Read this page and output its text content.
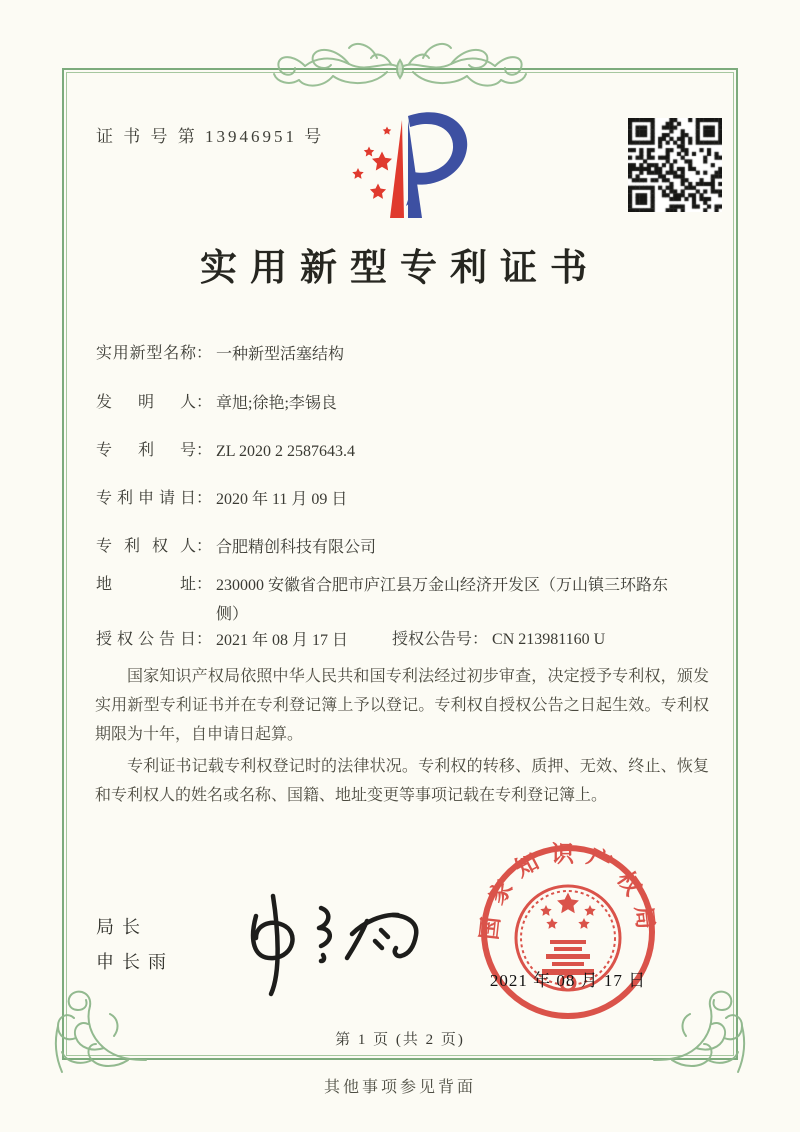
证 书 号 第 13946951 号
实用新型专利证书
实用新型名称 ： 一种新型活塞结构
发明人 ： 章旭;徐艳;李锡良
专利号 ： ZL 2020 2 2587643.4
专利申请日 ： 2020 年 11 月 09 日
专利权人 ： 合肥精创科技有限公司
地址 ： 230000 安徽省合肥市庐江县万金山经济开发区（万山镇三环路东侧）
授权公告日 ： 2021 年 08 月 17 日	授权公告号： CN 213981160 U

国家知识产权局依照中华人民共和国专利法经过初步审查，决定授予专利权，颁发实用新型专利证书并在专利登记簿上予以登记。专利权自授权公告之日起生效。专利权期限为十年，自申请日起算。

专利证书记载专利权登记时的法律状况。专利权的转移、质押、无效、终止、恢复和专利权人的姓名或名称、国籍、地址变更等事项记载在专利登记簿上。

局长
申长雨
国家知识产权局
2021 年 08 月 17 日
第 1 页 (共 2 页)
其他事项参见背面
